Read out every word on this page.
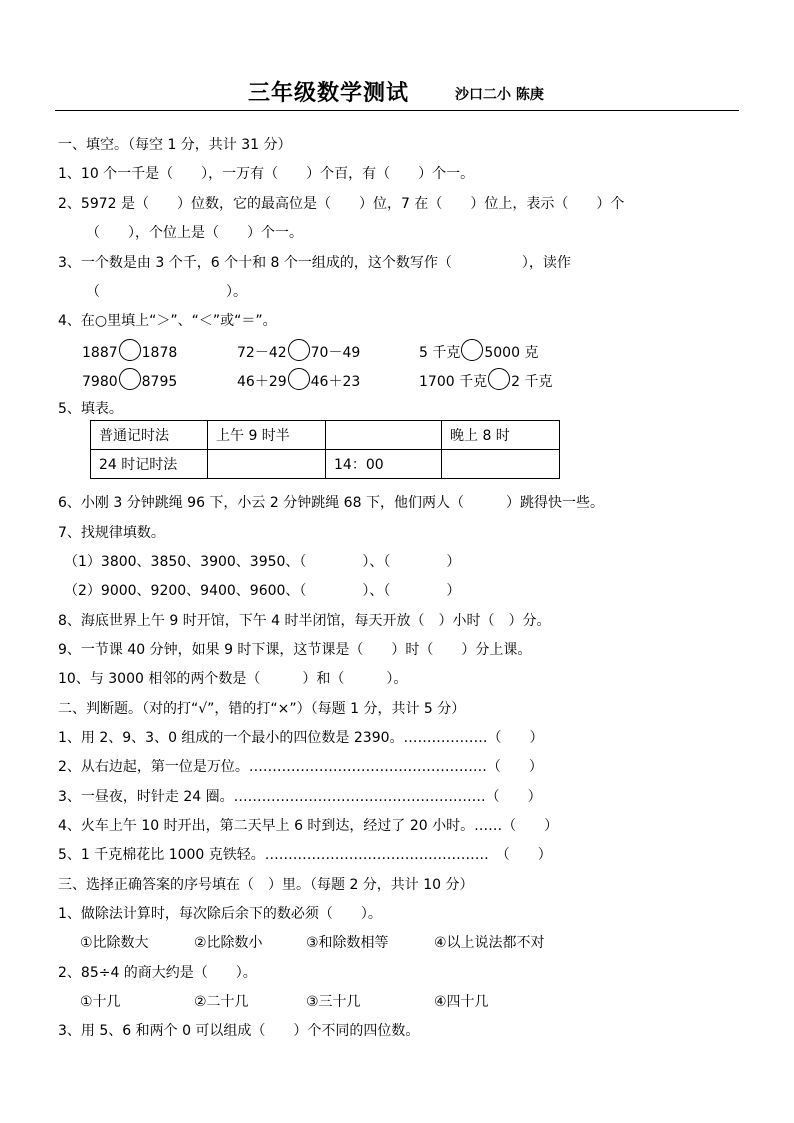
三年级数学测试	沙口二小 陈庚
一、填空。（每空 1 分，共计 31 分）
1、10 个一千是（　　），一万有（　　）个百，有（　　）个一。
2、5972 是（　　）位数，它的最高位是（　　）位，7 在（　　）位上，表示（　　）个
（　　），个位上是（　　）个一。
3、一个数是由 3 个千，6 个十和 8 个一组成的，这个数写作（　　　　　），读作
（　　　　　　　　　）。
4、在○里填上“＞”、“＜”或“＝”。
1887 1878	72－42 70－49	5 千克 5000 克
7980 8795	46＋29 46＋23	1700 千克 2 千克
5、填表。
普通记时法	上午 9 时半		晚上 8 时
24 时记时法		14：00	
6、小刚 3 分钟跳绳 96 下，小云 2 分钟跳绳 68 下，他们两人（　　　）跳得快一些。
7、找规律填数。
（1）3800、3850、3900、3950、（　　　　）、（　　　　）
（2）9000、9200、9400、9600、（　　　　）、（　　　　）
8、海底世界上午 9 时开馆，下午 4 时半闭馆，每天开放（　）小时（　）分。
9、一节课 40 分钟，如果 9 时下课，这节课是（　　）时（　　）分上课。
10、与 3000 相邻的两个数是（　　　）和（　　　）。
二、判断题。（对的打“√”，错的打“×”）（每题 1 分，共计 5 分）
1、用 2、9、3、0 组成的一个最小的四位数是 2390。………………（　　）
2、从右边起，第一位是万位。……………………………………………（　　）
3、一昼夜，时针走 24 圈。………………………………………………（　　）
4、火车上午 10 时开出，第二天早上 6 时到达，经过了 20 小时。……（　　）
5、1 千克棉花比 1000 克铁轻。…………………………………………　（　　）
三、选择正确答案的序号填在（　）里。（每题 2 分，共计 10 分）
1、做除法计算时，每次除后余下的数必须（　　）。
①比除数大	②比除数小	③和除数相等	④以上说法都不对
2、85÷4 的商大约是（　　）。
①十几	②二十几	③三十几	④四十几
3、用 5、6 和两个 0 可以组成（　　）个不同的四位数。
